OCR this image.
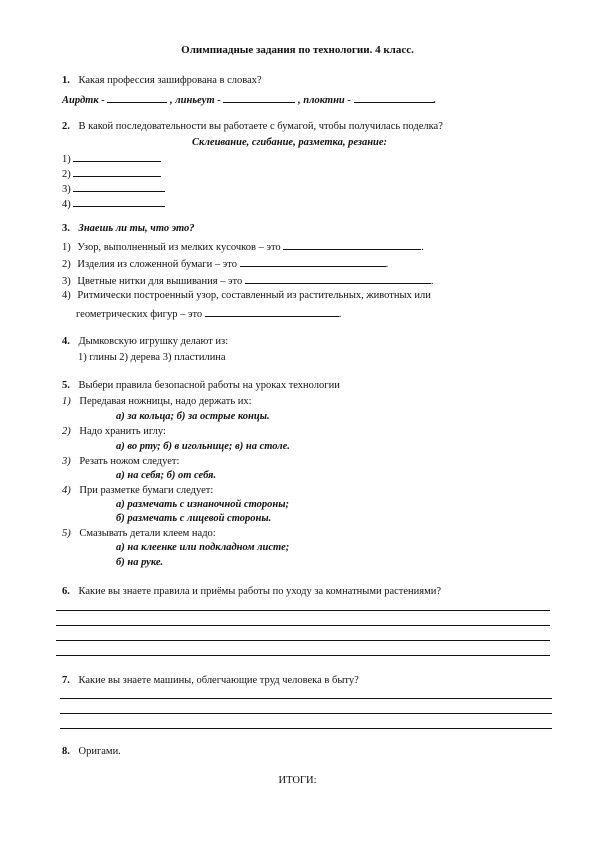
Олимпиадные задания по технологии. 4 класс.
1. Какая профессия зашифрована в словах?
Аирдтк -	, линьеут -	, плоктни -	.
2. В какой последовательности вы работаете с бумагой, чтобы получилась поделка?
Склеивание, сгибание, разметка, резание:
1)
2)
3)
4)
3. Знаешь ли ты, что это?
1) Узор, выполненный из мелких кусочков – это	.
2) Изделия из сложенной бумаги – это	.
3) Цветные нитки для вышивания – это	.
4) Ритмически построенный узор, составленный из растительных, животных или
геометрических фигур – это	.
4. Дымковскую игрушку делают из:
1) глины 2) дерева 3) пластилина
5. Выбери правила безопасной работы на уроках технологии
1) Передавая ножницы, надо держать их:
а) за кольца; б) за острые концы.
2) Надо хранить иглу:
а) во рту; б) в игольнице; в) на столе.
3) Резать ножом следует:
а) на себя; б) от себя.
4) При разметке бумаги следует:
а) размечать с изнаночной стороны;
б) размечать с лицевой стороны.
5) Смазывать детали клеем надо:
а) на клеенке или подкладном листе;
б) на руке.
6. Какие вы знаете правила и приёмы работы по уходу за комнатными растениями?
7. Какие вы знаете машины, облегчающие труд человека в быту?
8. Оригами.
ИТОГИ:
